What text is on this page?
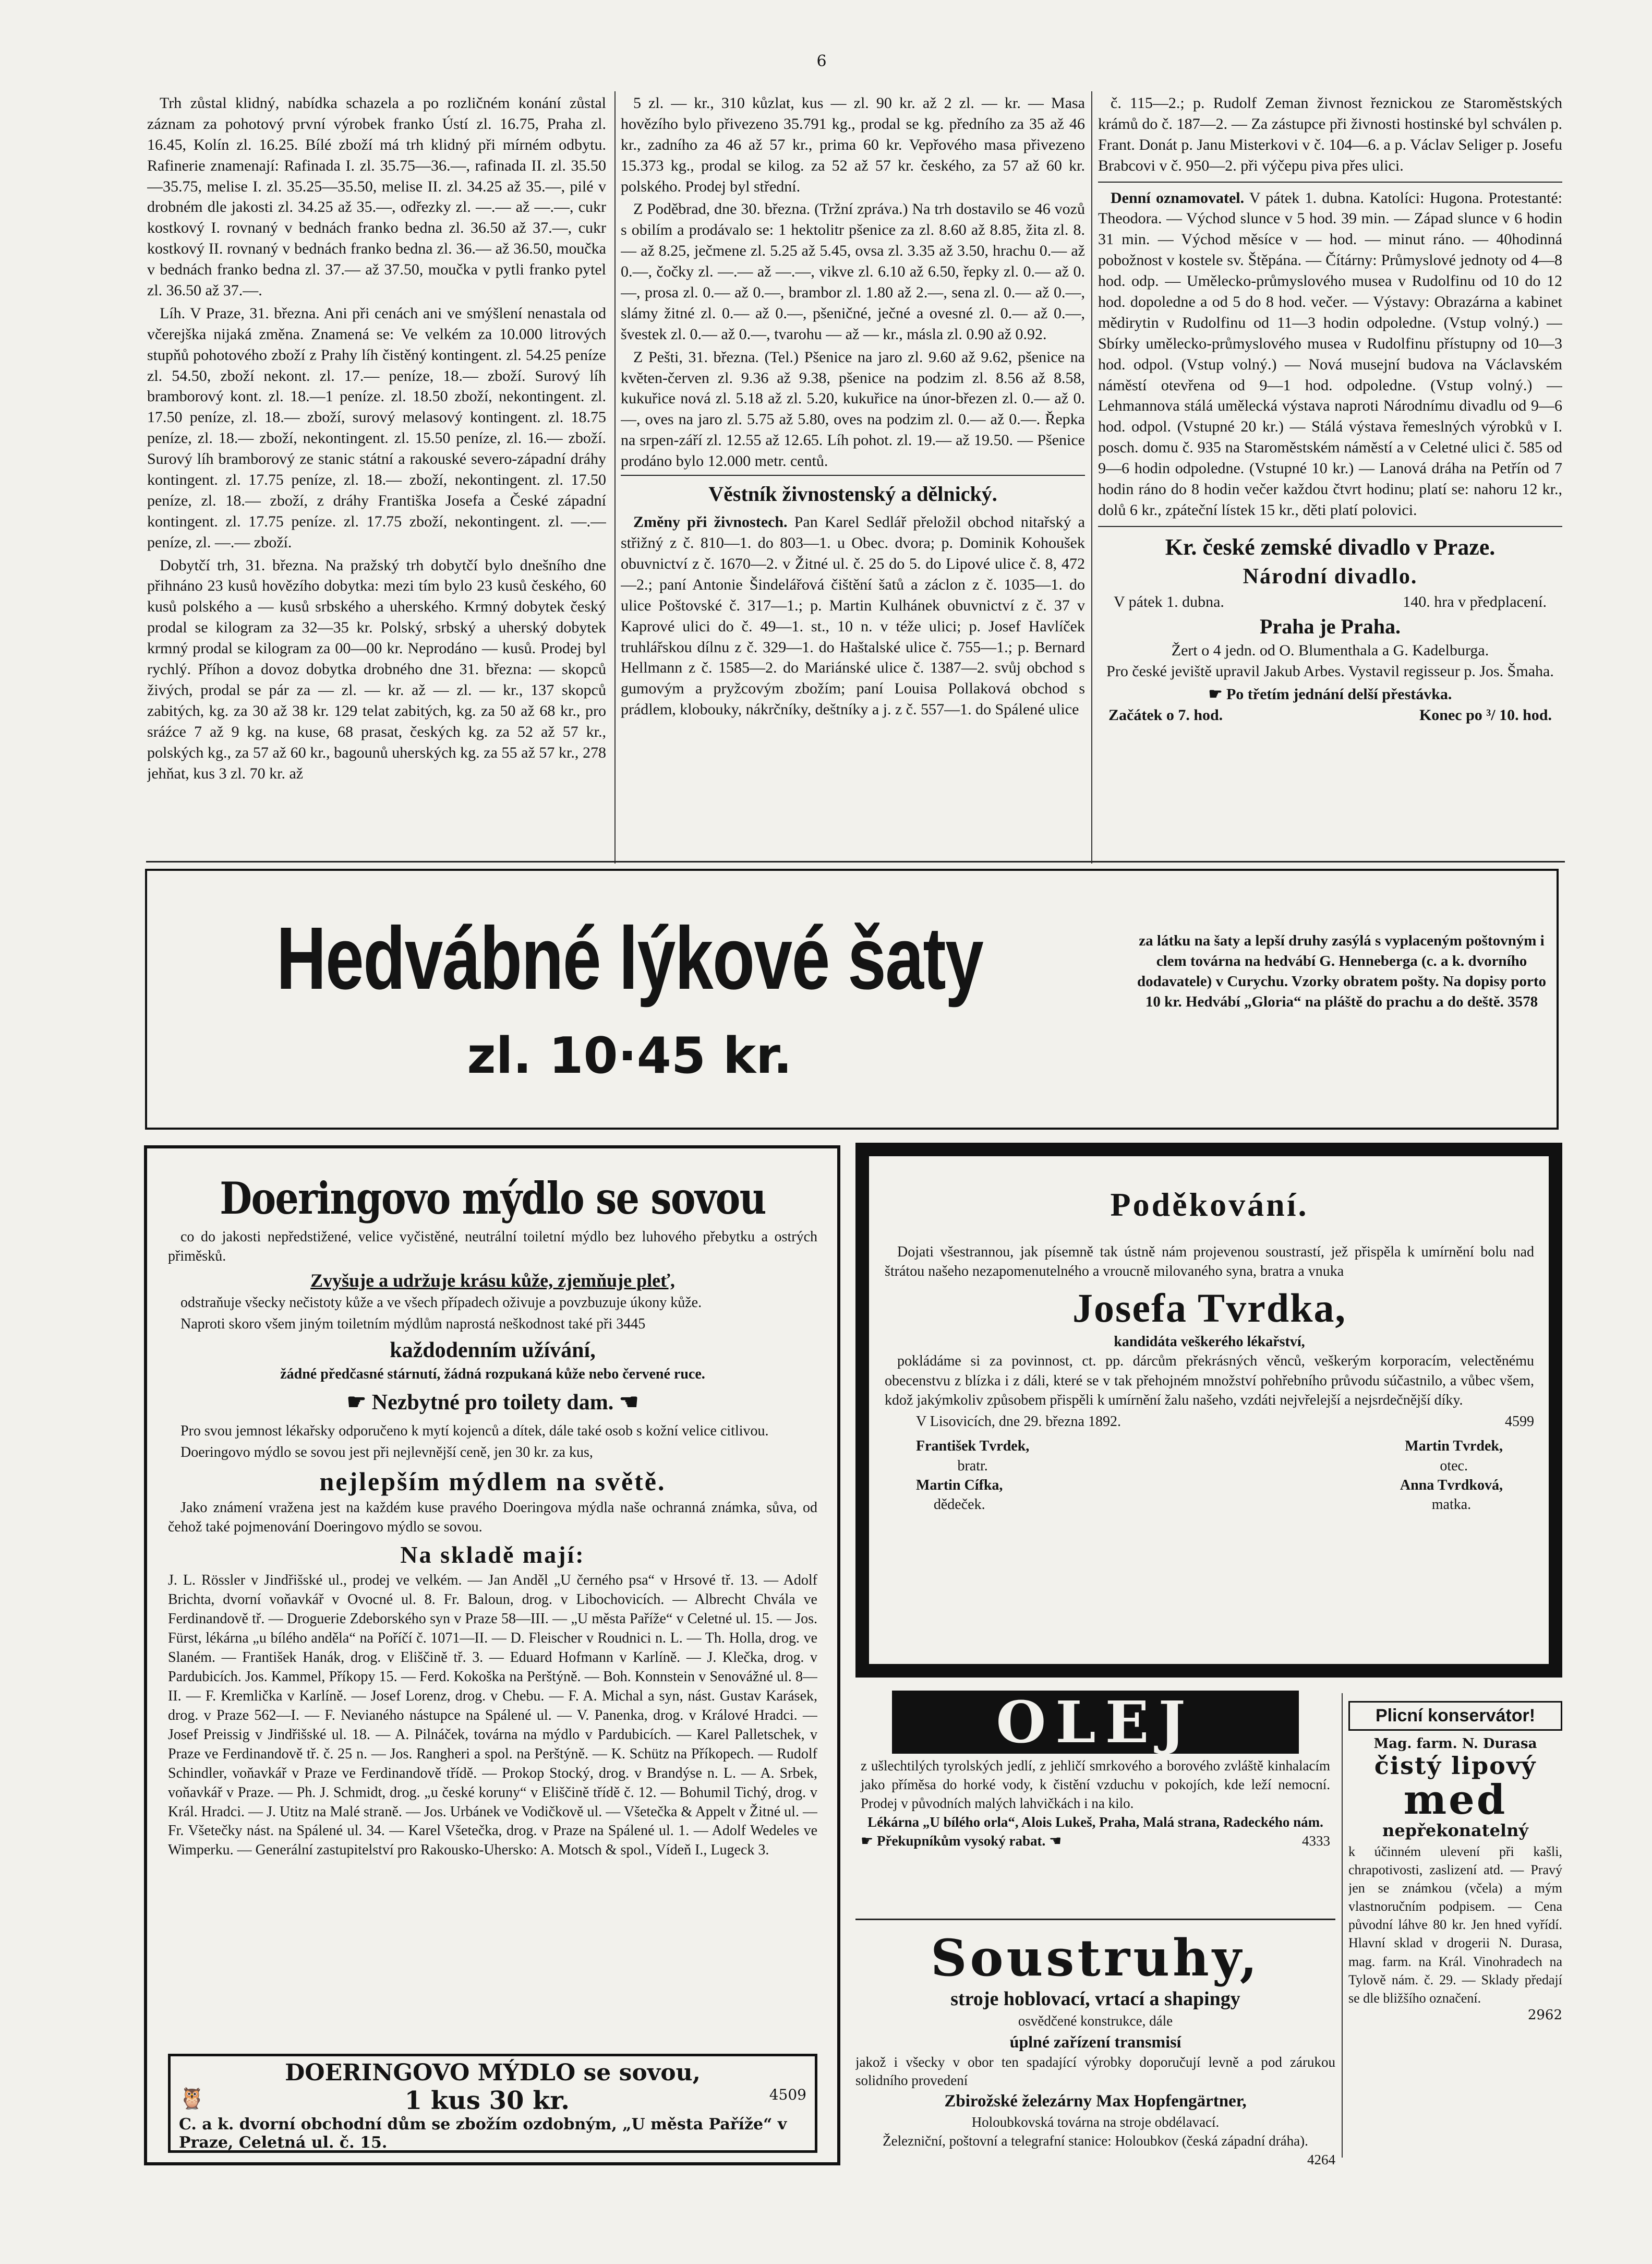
6

Trh zůstal klidný, nabídka schazela a po rozličném konání zůstal záznam za pohotový první výrobek franko Ústí zl. 16.75, Praha zl. 16.45, Kolín zl. 16.25. Bílé zboží má trh klidný při mírném odbytu. Rafinerie znamenají: Rafinada I. zl. 35.75—36.—, rafinada II. zl. 35.50—35.75, melise I. zl. 35.25—35.50, melise II. zl. 34.25 až 35.—, pilé v drobném dle jakosti zl. 34.25 až 35.—, odřezky zl. —.— až —.—, cukr kostkový I. rovnaný v bednách franko bedna zl. 36.50 až 37.—, cukr kostkový II. rovnaný v bednách franko bedna zl. 36.— až 36.50, moučka v bednách franko bedna zl. 37.— až 37.50, moučka v pytli franko pytel zl. 36.50 až 37.—.

Líh. V Praze, 31. března. Ani při cenách ani ve smýšlení nenastala od včerejška nijaká změna. Znamená se: Ve velkém za 10.000 litrových stupňů pohotového zboží z Prahy líh čistěný kontingent. zl. 54.25 peníze zl. 54.50, zboží nekont. zl. 17.— peníze, 18.— zboží. Surový líh bramborový kont. zl. 18.—1 peníze. zl. 18.50 zboží, nekontingent. zl. 17.50 peníze, zl. 18.— zboží, surový melasový kontingent. zl. 18.75 peníze, zl. 18.— zboží, nekontingent. zl. 15.50 peníze, zl. 16.— zboží. Surový líh bramborový ze stanic státní a rakouské severo-západní dráhy kontingent. zl. 17.75 peníze, zl. 18.— zboží, nekontingent. zl. 17.50 peníze, zl. 18.— zboží, z dráhy Františka Josefa a České západní kontingent. zl. 17.75 peníze. zl. 17.75 zboží, nekontingent. zl. —.— peníze, zl. —.— zboží.

Dobytčí trh, 31. března. Na pražský trh dobytčí bylo dnešního dne přihnáno 23 kusů hovězího dobytka: mezi tím bylo 23 kusů českého, 60 kusů polského a — kusů srbského a uherského. Krmný dobytek český prodal se kilogram za 32—35 kr. Polský, srbský a uherský dobytek krmný prodal se kilogram za 00—00 kr. Neprodáno — kusů. Prodej byl rychlý. Příhon a dovoz dobytka drobného dne 31. března: — skopců živých, prodal se pár za — zl. — kr. až — zl. — kr., 137 skopců zabitých, kg. za 30 až 38 kr. 129 telat zabitých, kg. za 50 až 68 kr., pro sráźce 7 až 9 kg. na kuse, 68 prasat, českých kg. za 52 až 57 kr., polských kg., za 57 až 60 kr., bagounů uherských kg. za 55 až 57 kr., 278 jehňat, kus 3 zl. 70 kr. až

5 zl. — kr., 310 kůzlat, kus — zl. 90 kr. až 2 zl. — kr. — Masa hovězího bylo přivezeno 35.791 kg., prodal se kg. předního za 35 až 46 kr., zadního za 46 až 57 kr., prima 60 kr. Vepřového masa přivezeno 15.373 kg., prodal se kilog. za 52 až 57 kr. českého, za 57 až 60 kr. polského. Prodej byl střední.

Z Poděbrad, dne 30. března. (Tržní zpráva.) Na trh dostavilo se 46 vozů s obilím a prodávalo se: 1 hektolitr pšenice za zl. 8.60 až 8.85, žita zl. 8.— až 8.25, ječmene zl. 5.25 až 5.45, ovsa zl. 3.35 až 3.50, hrachu 0.— až 0.—, čočky zl. —.— až —.—, vikve zl. 6.10 až 6.50, řepky zl. 0.— až 0.—, prosa zl. 0.— až 0.—, brambor zl. 1.80 až 2.—, sena zl. 0.— až 0.—, slámy žitné zl. 0.— až 0.—, pšeničné, ječné a ovesné zl. 0.— až 0.—, švestek zl. 0.— až 0.—, tvarohu — až — kr., másla zl. 0.90 až 0.92.

Z Pešti, 31. března. (Tel.) Pšenice na jaro zl. 9.60 až 9.62, pšenice na květen-červen zl. 9.36 až 9.38, pšenice na podzim zl. 8.56 až 8.58, kukuřice nová zl. 5.18 až zl. 5.20, kukuřice na únor-březen zl. 0.— až 0.—, oves na jaro zl. 5.75 až 5.80, oves na podzim zl. 0.— až 0.—. Řepka na srpen-září zl. 12.55 až 12.65. Líh pohot. zl. 19.— až 19.50. — Pšenice prodáno bylo 12.000 metr. centů.

Věstník živnostenský a dělnický.

Změny při živnostech. Pan Karel Sedlář přeložil obchod nitařský a střižný z č. 810—1. do 803—1. u Obec. dvora; p. Dominik Kohoušek obuvnictví z č. 1670—2. v Žitné ul. č. 25 do 5. do Lipové ulice č. 8, 472—2.; paní Antonie Šindelářová čištění šatů a záclon z č. 1035—1. do ulice Poštovské č. 317—1.; p. Martin Kulhánek obuvnictví z č. 37 v Kaprové ulici do č. 49—1. st., 10 n. v téže ulici; p. Josef Havlíček truhlářskou dílnu z č. 329—1. do Haštalské ulice č. 755—1.; p. Bernard Hellmann z č. 1585—2. do Mariánské ulice č. 1387—2. svůj obchod s gumovým a pryžcovým zbožím; paní Louisa Pollaková obchod s prádlem, klobouky, nákrčníky, deštníky a j. z č. 557—1. do Spálené ulice

č. 115—2.; p. Rudolf Zeman živnost řeznickou ze Staroměstských krámů do č. 187—2. — Za zástupce při živnosti hostinské byl schválen p. Frant. Donát p. Janu Misterkovi v č. 104—6. a p. Václav Seliger p. Josefu Brabcovi v č. 950—2. při výčepu piva přes ulici.

Denní oznamovatel. V pátek 1. dubna. Katolíci: Hugona. Protestanté: Theodora. — Východ slunce v 5 hod. 39 min. — Západ slunce v 6 hodin 31 min. — Východ měsíce v — hod. — minut ráno. — 40hodinná pobožnost v kostele sv. Štěpána. — Čítárny: Průmyslové jednoty od 4—8 hod. odp. — Umělecko-průmyslového musea v Rudolfinu od 10 do 12 hod. dopoledne a od 5 do 8 hod. večer. — Výstavy: Obrazárna a kabinet mědirytin v Rudolfinu od 11—3 hodin odpoledne. (Vstup volný.) — Sbírky umělecko-průmyslového musea v Rudolfinu přístupny od 10—3 hod. odpol. (Vstup volný.) — Nová musejní budova na Václavském náměstí otevřena od 9—1 hod. odpoledne. (Vstup volný.) — Lehmannova stálá umělecká výstava naproti Národnímu divadlu od 9—6 hod. odpol. (Vstupné 20 kr.) — Stálá výstava řemeslných výrobků v I. posch. domu č. 935 na Staroměstském náměstí a v Celetné ulici č. 585 od 9—6 hodin odpoledne. (Vstupné 10 kr.) — Lanová dráha na Petřín od 7 hodin ráno do 8 hodin večer každou čtvrt hodinu; platí se: nahoru 12 kr., dolů 6 kr., zpáteční lístek 15 kr., děti platí polovici.

Kr. české zemské divadlo v Praze.
Národní divadlo.
V pátek 1. dubna.	140. hra v předplacení.
Praha je Praha.
Žert o 4 jedn. od O. Blumenthala a G. Kadelburga.
Pro české jeviště upravil Jakub Arbes. Vystavil regisseur p. Jos. Šmaha.
☛ Po třetím jednání delší přestávka.
Začátek o 7. hod.	Konec po ³/ 10. hod.
Hedvábné lýkové šaty
zl. 10·45 kr.
za látku na šaty a lepší druhy zasýlá s vyplaceným poštovným i clem továrna na hedvábí G. Henneberga (c. a k. dvorního dodavatele) v Curychu. Vzorky obratem pošty. Na dopisy porto 10 kr. Hedvábí „Gloria“ na pláště do prachu a do deště. 3578
Doeringovo mýdlo se sovou

co do jakosti nepředstižené, velice vyčistěné, neutrální toiletní mýdlo bez luhového přebytku a ostrých přiměsků.

Zvyšuje a udržuje krásu kůže, zjemňuje pleť,

odstraňuje všecky nečistoty kůže a ve všech případech oživuje a povzbuzuje úkony kůže.

Naproti skoro všem jiným toiletním mýdlům naprostá neškodnost také při 3445

každodenním užívání,
žádné předčasné stárnutí, žádná rozpukaná kůže nebo červené ruce.
☛ Nezbytné pro toilety dam. ☚

Pro svou jemnost lékařsky odporučeno k mytí kojenců a dítek, dále také osob s kožní velice citlivou.

Doeringovo mýdlo se sovou jest při nejlevnější ceně, jen 30 kr. za kus,

nejlepším mýdlem na světě.

Jako známení vražena jest na každém kuse pravého Doeringova mýdla naše ochranná známka, sůva, od čehož také pojmenování Doeringovo mýdlo se sovou.

Na skladě mají:

J. L. Rössler v Jindřišské ul., prodej ve velkém. — Jan Anděl „U černého psa“ v Hrsové tř. 13. — Adolf Brichta, dvorní voňavkář v Ovocné ul. 8. Fr. Baloun, drog. v Libochovicích. — Albrecht Chvála ve Ferdinandově tř. — Droguerie Zdeborského syn v Praze 58—III. — „U města Paříže“ v Celetné ul. 15. — Jos. Fürst, lékárna „u bílého anděla“ na Poříčí č. 1071—II. — D. Fleischer v Roudnici n. L. — Th. Holla, drog. ve Slaném. — František Hanák, drog. v Eliščině tř. 3. — Eduard Hofmann v Karlíně. — J. Klečka, drog. v Pardubicích. Jos. Kammel, Příkopy 15. — Ferd. Kokoška na Perštýně. — Boh. Konnstein v Senovážné ul. 8—II. — F. Kremlička v Karlíně. — Josef Lorenz, drog. v Chebu. — F. A. Michal a syn, nást. Gustav Karásek, drog. v Praze 562—I. — F. Nevianého nástupce na Spálené ul. — V. Panenka, drog. v Králové Hradci. — Josef Preissig v Jindřišské ul. 18. — A. Pilnáček, továrna na mýdlo v Pardubicích. — Karel Palletschek, v Praze ve Ferdinandově tř. č. 25 n. — Jos. Rangheri a spol. na Perštýně. — K. Schütz na Příkopech. — Rudolf Schindler, voňavkář v Praze ve Ferdinandově třídě. — Prokop Stocký, drog. v Brandýse n. L. — A. Srbek, voňavkář v Praze. — Ph. J. Schmidt, drog. „u české koruny“ v Eliščině třídě č. 12. — Bohumil Tichý, drog. v Král. Hradci. — J. Utitz na Malé straně. — Jos. Urbánek ve Vodičkově ul. — Všetečka & Appelt v Žitné ul. — Fr. Všetečky nást. na Spálené ul. 34. — Karel Všetečka, drog. v Praze na Spálené ul. 1. — Adolf Wedeles ve Wimperku. — Generální zastupitelství pro Rakousko-Uhersko: A. Motsch & spol., Vídeň I., Lugeck 3.

DOERINGOVO MÝDLO se sovou,
🦉	1 kus 30 kr.	4509
C. a k. dvorní obchodní dům se zbožím ozdobným, „U města Paříže“ v Praze, Celetná ul. č. 15.
Poděkování.

Dojati všestrannou, jak písemně tak ústně nám projevenou soustrastí, jež přispěla k umírnění bolu nad štrátou našeho nezapomenutelného a vroucně milovaného syna, bratra a vnuka

Josefa Tvrdka,
kandidáta veškerého lékařství,

pokládáme si za povinnost, ct. pp. dárcům překrásných věnců, veškerým korporacím, velectěnému obecenstvu z blízka i z dáli, které se v tak přehojném množství pohřebního průvodu súčastnilo, a vůbec všem, kdož jakýmkoliv způsobem přispěli k umírnění žalu našeho, vzdáti nejvřelejší a nejsrdečnější díky.

V Lisovicích, dne 29. března 1892.	4599
František Tvrdek,
bratr.
Martin Tvrdek,
otec.
Martin Cífka,
dědeček.
Anna Tvrdková,
matka.
OLEJ
z ušlechtilých tyrolských jedlí, z jehličí smrkového a borového zvláště kinhalacím jako příměsa do horké vody, k čistění vzduchu v pokojích, kde leží nemocní. Prodej v původních malých lahvičkách i na kilo.
Lékárna „U bílého orla“, Alois Lukeš, Praha, Malá strana, Radeckého nám.
☛ Překupníkům vysoký rabat. ☚	4333
Soustruhy,
stroje hoblovací, vrtací a shapingy
osvědčené konstrukce, dále
úplné zařízení transmisí
jakož i všecky v obor ten spadající výrobky doporučují levně a pod zárukou solidního provedení
Zbirožské železárny Max Hopfengärtner,
Holoubkovská továrna na stroje obdélavací.
Železniční, poštovní a telegrafní stanice: Holoubkov (česká západní dráha).
4264
Plicní konservátor!
Mag. farm. N. Durasa
čistý lipový
med
nepřekonatelný
k účinném ulevení při kašli, chrapotivosti, zaslizení atd. — Pravý jen se známkou (včela) a mým vlastnoručním podpisem. — Cena původní láhve 80 kr. Jen hned vyřídí. Hlavní sklad v drogerii N. Durasa, mag. farm. na Král. Vinohradech na Tylově nám. č. 29. — Sklady předají se dle bližšího označení.
2962
